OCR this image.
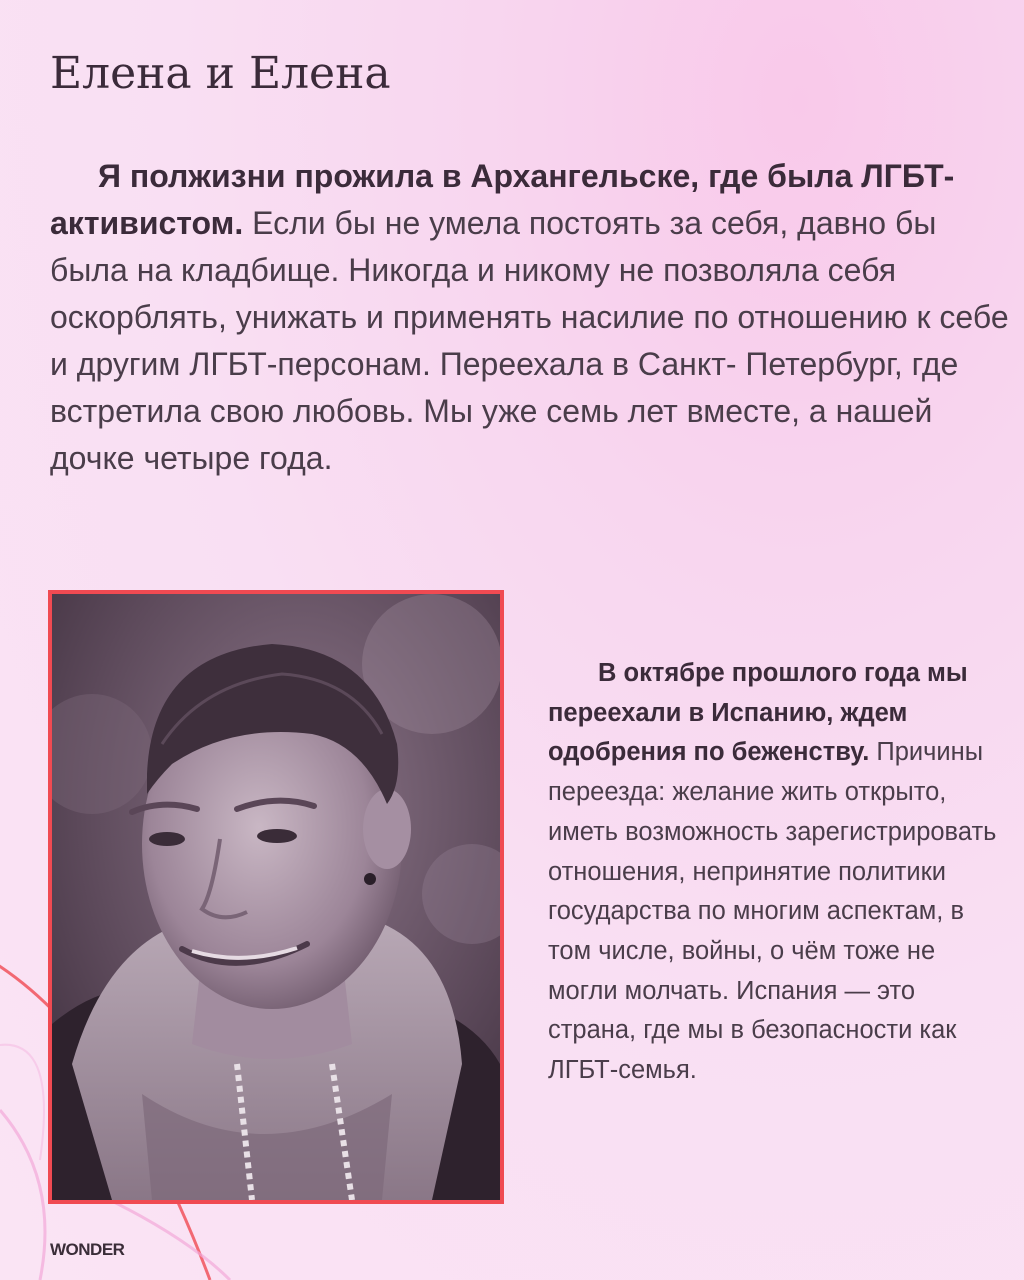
Елена и Елена

Я полжизни прожила в Архангельске, где была ЛГБТ-активистом. Если бы не умела постоять за себя, давно бы была на кладбище. Никогда и никому не позволяла себя оскорблять, унижать и применять насилие по отношению к себе и другим ЛГБТ-персонам. Переехала в Санкт- Петербург, где встретила свою любовь. Мы уже семь лет вместе, а нашей дочке четыре года.

В октябре прошлого года мы переехали в Испанию, ждем одобрения по беженству. Причины переезда: желание жить открыто, иметь возможность зарегистрировать отношения, непринятие политики государства по многим аспектам, в том числе, войны, о чём тоже не могли молчать. Испания — это страна, где мы в безопасности как ЛГБТ-семья.

WONDER
